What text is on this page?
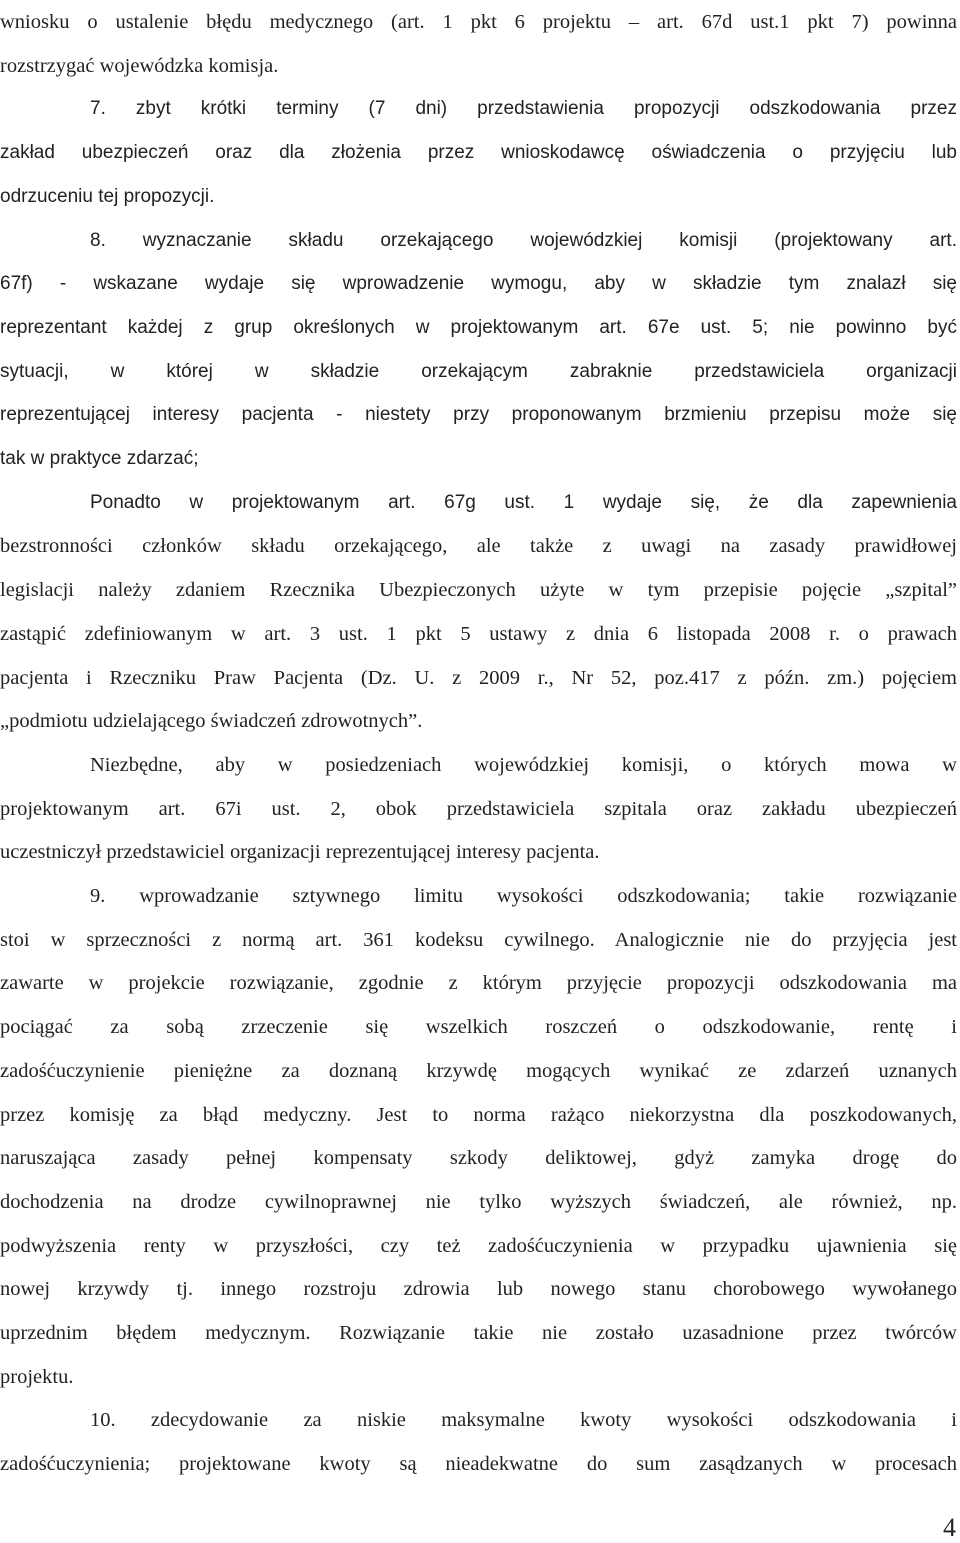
wniosku o ustalenie błędu medycznego (art. 1 pkt 6 projektu – art. 67d ust.1 pkt 7) powinna
rozstrzygać wojewódzka komisja.
7. zbyt krótki terminy (7 dni) przedstawienia propozycji odszkodowania przez
zakład ubezpieczeń oraz dla złożenia przez wnioskodawcę oświadczenia o przyjęciu lub
odrzuceniu tej propozycji.
8. wyznaczanie składu orzekającego wojewódzkiej komisji (projektowany art.
67f) - wskazane wydaje się wprowadzenie wymogu, aby w składzie tym znalazł się
reprezentant każdej z grup określonych w projektowanym art. 67e ust. 5; nie powinno być
sytuacji, w której w składzie orzekającym zabraknie przedstawiciela organizacji
reprezentującej interesy pacjenta - niestety przy proponowanym brzmieniu przepisu może się
tak w praktyce zdarzać;
Ponadto w projektowanym art. 67g ust. 1 wydaje się, że dla zapewnienia
bezstronności członków składu orzekającego, ale także z uwagi na zasady prawidłowej
legislacji należy zdaniem Rzecznika Ubezpieczonych użyte w tym przepisie pojęcie „szpital”
zastąpić zdefiniowanym w art. 3 ust. 1 pkt 5 ustawy z dnia 6 listopada 2008 r. o prawach
pacjenta i Rzeczniku Praw Pacjenta (Dz. U. z 2009 r., Nr 52, poz.417 z późn. zm.) pojęciem
„podmiotu udzielającego świadczeń zdrowotnych”.
Niezbędne, aby w posiedzeniach wojewódzkiej komisji, o których mowa w
projektowanym art. 67i ust. 2, obok przedstawiciela szpitala oraz zakładu ubezpieczeń
uczestniczył przedstawiciel organizacji reprezentującej interesy pacjenta.
9. wprowadzanie sztywnego limitu wysokości odszkodowania; takie rozwiązanie
stoi w sprzeczności z normą art. 361 kodeksu cywilnego. Analogicznie nie do przyjęcia jest
zawarte w projekcie rozwiązanie, zgodnie z którym przyjęcie propozycji odszkodowania ma
pociągać za sobą zrzeczenie się wszelkich roszczeń o odszkodowanie, rentę i
zadośćuczynienie pieniężne za doznaną krzywdę mogących wynikać ze zdarzeń uznanych
przez komisję za błąd medyczny. Jest to norma rażąco niekorzystna dla poszkodowanych,
naruszająca zasady pełnej kompensaty szkody deliktowej, gdyż zamyka drogę do
dochodzenia na drodze cywilnoprawnej nie tylko wyższych świadczeń, ale również, np.
podwyższenia renty w przyszłości, czy też zadośćuczynienia w przypadku ujawnienia się
nowej krzywdy tj. innego rozstroju zdrowia lub nowego stanu chorobowego wywołanego
uprzednim błędem medycznym. Rozwiązanie takie nie zostało uzasadnione przez twórców
projektu.
10. zdecydowanie za niskie maksymalne kwoty wysokości odszkodowania i
zadośćuczynienia; projektowane kwoty są nieadekwatne do sum zasądzanych w procesach
4
